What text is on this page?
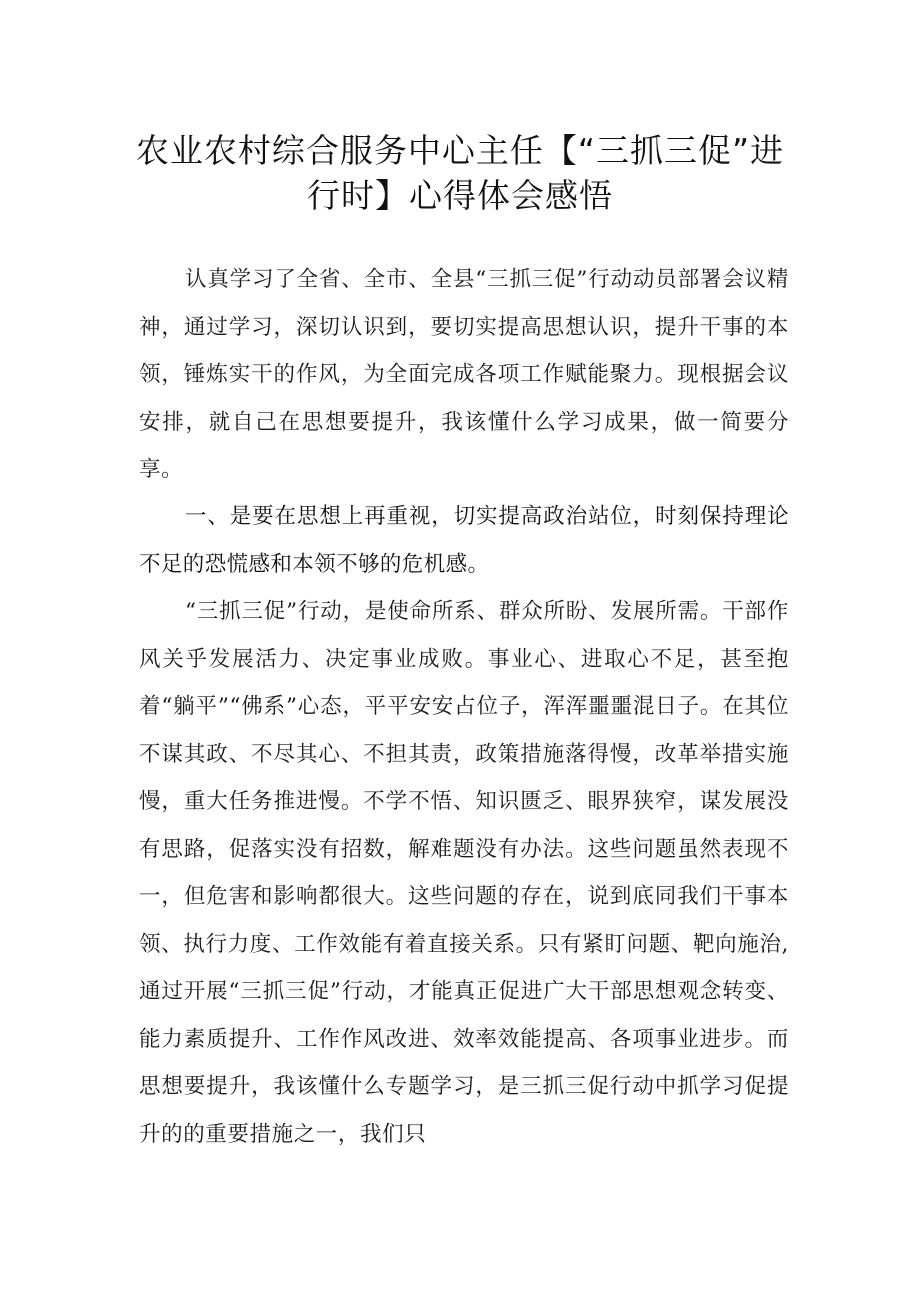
农业农村综合服务中心主任【“三抓三促”进行时】心得体会感悟

认真学习了全省、全市、全县“三抓三促”行动动员部署会议精神，通过学习，深切认识到，要切实提高思想认识，提升干事的本领，锤炼实干的作风，为全面完成各项工作赋能聚力。现根据会议安排，就自己在思想要提升，我该懂什么学习成果，做一简要分享。

一、是要在思想上再重视，切实提高政治站位，时刻保持理论不足的恐慌感和本领不够的危机感。

“三抓三促”行动，是使命所系、群众所盼、发展所需。干部作风关乎发展活力、决定事业成败。事业心、进取心不足，甚至抱着“躺平”“佛系”心态，平平安安占位子，浑浑噩噩混日子。在其位不谋其政、不尽其心、不担其责，政策措施落得慢，改革举措实施慢，重大任务推进慢。不学不悟、知识匮乏、眼界狭窄，谋发展没有思路，促落实没有招数，解难题没有办法。这些问题虽然表现不一，但危害和影响都很大。这些问题的存在，说到底同我们干事本领、执行力度、工作效能有着直接关系。只有紧盯问题、靶向施治,通过开展“三抓三促”行动，才能真正促进广大干部思想观念转变、能力素质提升、工作作风改进、效率效能提高、各项事业进步。而思想要提升，我该懂什么专题学习，是三抓三促行动中抓学习促提升的的重要措施之一，我们只
